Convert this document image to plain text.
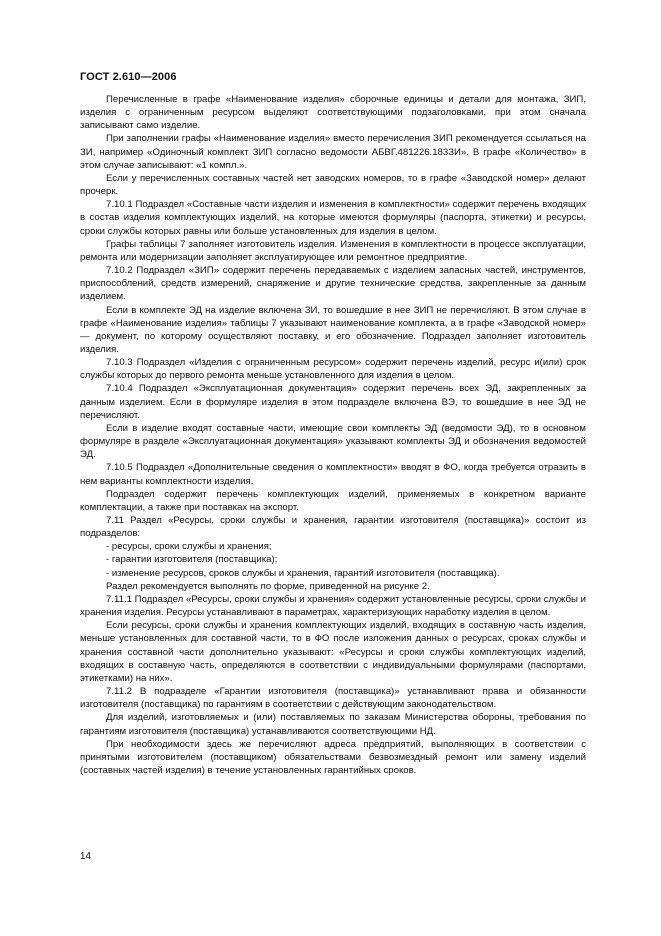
ГОСТ 2.610—2006

Перечисленные в графе «Наименование изделия» сборочные единицы и детали для монтажа, ЗИП, изделия с ограниченным ресурсом выделяют соответствующими подзаголовками, при этом сначала записывают само изделие.

При заполнении графы «Наименование изделия» вместо перечисления ЗИП рекомендуется ссылаться на ЗИ, например «Одиночный комплект ЗИП согласно ведомости АБВГ.481226.183ЗИ». В графе «Количество» в этом случае записывают: «1 компл.».

Если у перечисленных составных частей нет заводских номеров, то в графе «Заводской номер» делают прочерк.

7.10.1 Подраздел «Составные части изделия и изменения в комплектности» содержит перечень входящих в состав изделия комплектующих изделий, на которые имеются формуляры (паспорта, этикетки) и ресурсы, сроки службы которых равны или больше установленных для изделия в целом.

Графы таблицы 7 заполняет изготовитель изделия. Изменения в комплектности в процессе эксплуатации, ремонта или модернизации заполняет эксплуатирующее или ремонтное предприятие.

7.10.2 Подраздел «ЗИП» содержит перечень передаваемых с изделием запасных частей, инструментов, приспособлений, средств измерений, снаряжение и другие технические средства, закрепленные за данным изделием.

Если в комплекте ЭД на изделие включена ЗИ, то вошедшие в нее ЗИП не перечисляют. В этом случае в графе «Наименование изделия» таблицы 7 указывают наименование комплекта, а в графе «Заводской номер» — документ, по которому осуществляют поставку, и его обозначение. Подраздел заполняет изготовитель изделия.

7.10.3 Подраздел «Изделия с ограниченным ресурсом» содержит перечень изделий, ресурс и(или) срок службы которых до первого ремонта меньше установленного для изделия в целом.

7.10.4 Подраздел «Эксплуатационная документация» содержит перечень всех ЭД, закрепленных за данным изделием. Если в формуляре изделия в этом подразделе включена ВЭ, то вошедшие в нее ЭД не перечисляют.

Если в изделие входят составные части, имеющие свои комплекты ЭД (ведомости ЭД), то в основном формуляре в разделе «Эксплуатационная документация» указывают комплекты ЭД и обозначения ведомостей ЭД.

7.10.5 Подраздел «Дополнительные сведения о комплектности» вводят в ФО, когда требуется отразить в нем варианты комплектности изделия.

Подраздел содержит перечень комплектующих изделий, применяемых в конкретном варианте комплектации, а также при поставках на экспорт.

7.11 Раздел «Ресурсы, сроки службы и хранения, гарантии изготовителя (поставщика)» состоит из подразделов:

- ресурсы, сроки службы и хранения;

- гарантии изготовителя (поставщика);

- изменение ресурсов, сроков службы и хранения, гарантий изготовителя (поставщика).

Раздел рекомендуется выполнять по форме, приведенной на рисунке 2.

7.11.1 Подраздел «Ресурсы, сроки службы и хранения» содержит установленные ресурсы, сроки службы и хранения изделия. Ресурсы устанавливают в параметрах, характеризующих наработку изделия в целом.

Если ресурсы, сроки службы и хранения комплектующих изделий, входящих в составную часть изделия, меньше установленных для составной части, то в ФО после изложения данных о ресурсах, сроках службы и хранения составной части дополнительно указывают: «Ресурсы и сроки службы комплектующих изделий, входящих в составную часть, определяются в соответствии с индивидуальными формулярами (паспортами, этикетками) на них».

7.11.2 В подразделе «Гарантии изготовителя (поставщика)» устанавливают права и обязанности изготовителя (поставщика) по гарантиям в соответствии с действующим законодательством.

Для изделий, изготовляемых и (или) поставляемых по заказам Министерства обороны, требования по гарантиям изготовителя (поставщика) устанавливаются соответствующими НД.

При необходимости здесь же перечисляют адреса предприятий, выполняющих в соответствии с принятыми изготовителем (поставщиком) обязательствами безвозмездный ремонт или замену изделий (составных частей изделия) в течение установленных гарантийных сроков.

14
